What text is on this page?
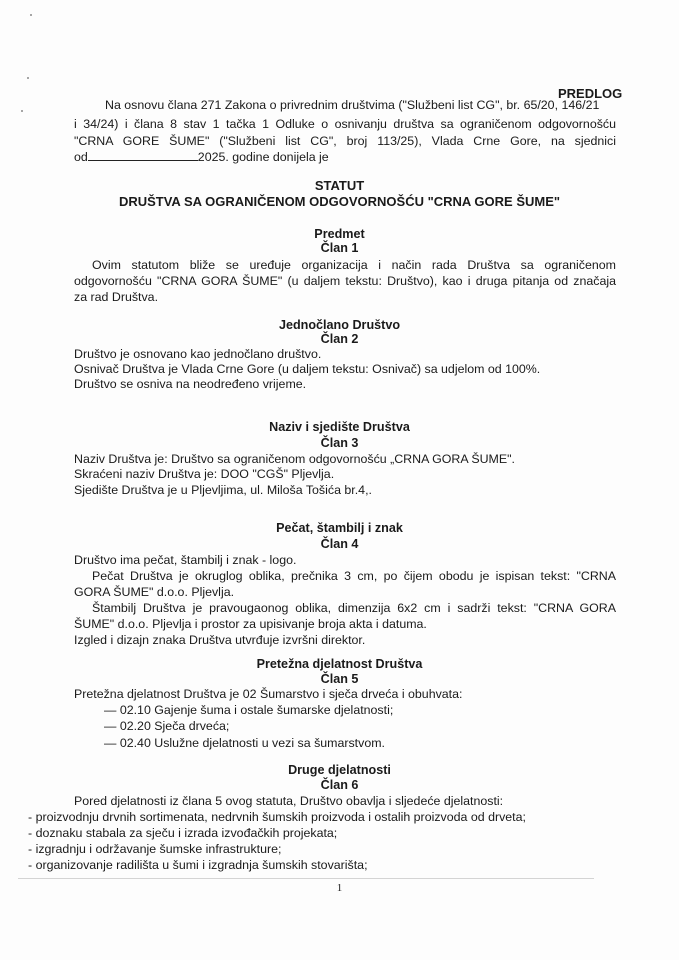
PREDLOG
Na osnovu člana 271 Zakona o privrednim društvima ("Službeni list CG", br. 65/20, 146/21
i 34/24) i člana 8 stav 1 tačka 1 Odluke o osnivanju društva sa ograničenom odgovornošću
"CRNA GORE ŠUME" ("Službeni list CG", broj 113/25), Vlada Crne Gore, na sjednici
od	2025. godine donijela je
STATUT
DRUŠTVA SA OGRANIČENOM ODGOVORNOŠĆU "CRNA GORE ŠUME"
Predmet
Član 1
Ovim statutom bliže se uređuje organizacija i način rada Društva sa ograničenom
odgovornošću "CRNA GORA ŠUME" (u daljem tekstu: Društvo), kao i druga pitanja od značaja
za rad Društva.
Jednočlano Društvo
Član 2
Društvo je osnovano kao jednočlano društvo.
Osnivač Društva je Vlada Crne Gore (u daljem tekstu: Osnivač) sa udjelom od 100%.
Društvo se osniva na neodređeno vrijeme.
Naziv i sjedište Društva
Član 3
Naziv Društva je: Društvo sa ograničenom odgovornošću „CRNA GORA ŠUME".
Skraćeni naziv Društva je: DOO "CGŠ" Pljevlja.
Sjedište Društva je u Pljevljima, ul. Miloša Tošića br.4,.
Pečat, štambilj i znak
Član 4
Društvo ima pečat, štambilj i znak - logo.
Pečat Društva je okruglog oblika, prečnika 3 cm, po čijem obodu je ispisan tekst: "CRNA
GORA ŠUME" d.o.o. Pljevlja.
Štambilj Društva je pravougaonog oblika, dimenzija 6x2 cm i sadrži tekst: "CRNA GORA
ŠUME" d.o.o. Pljevlja i prostor za upisivanje broja akta i datuma.
Izgled i dizajn znaka Društva utvrđuje izvršni direktor.
Pretežna djelatnost Društva
Član 5
Pretežna djelatnost Društva je 02 Šumarstvo i sječa drveća i obuhvata:
— 02.10 Gajenje šuma i ostale šumarske djelatnosti;
— 02.20 Sječa drveća;
— 02.40 Uslužne djelatnosti u vezi sa šumarstvom.
Druge djelatnosti
Član 6
Pored djelatnosti iz člana 5 ovog statuta, Društvo obavlja i sljedeće djelatnosti:
- proizvodnju drvnih sortimenata, nedrvnih šumskih proizvoda i ostalih proizvoda od drveta;
- doznaku stabala za sječu i izrada izvođačkih projekata;
- izgradnju i održavanje šumske infrastrukture;
- organizovanje radilišta u šumi i izgradnja šumskih stovarišta;
1
